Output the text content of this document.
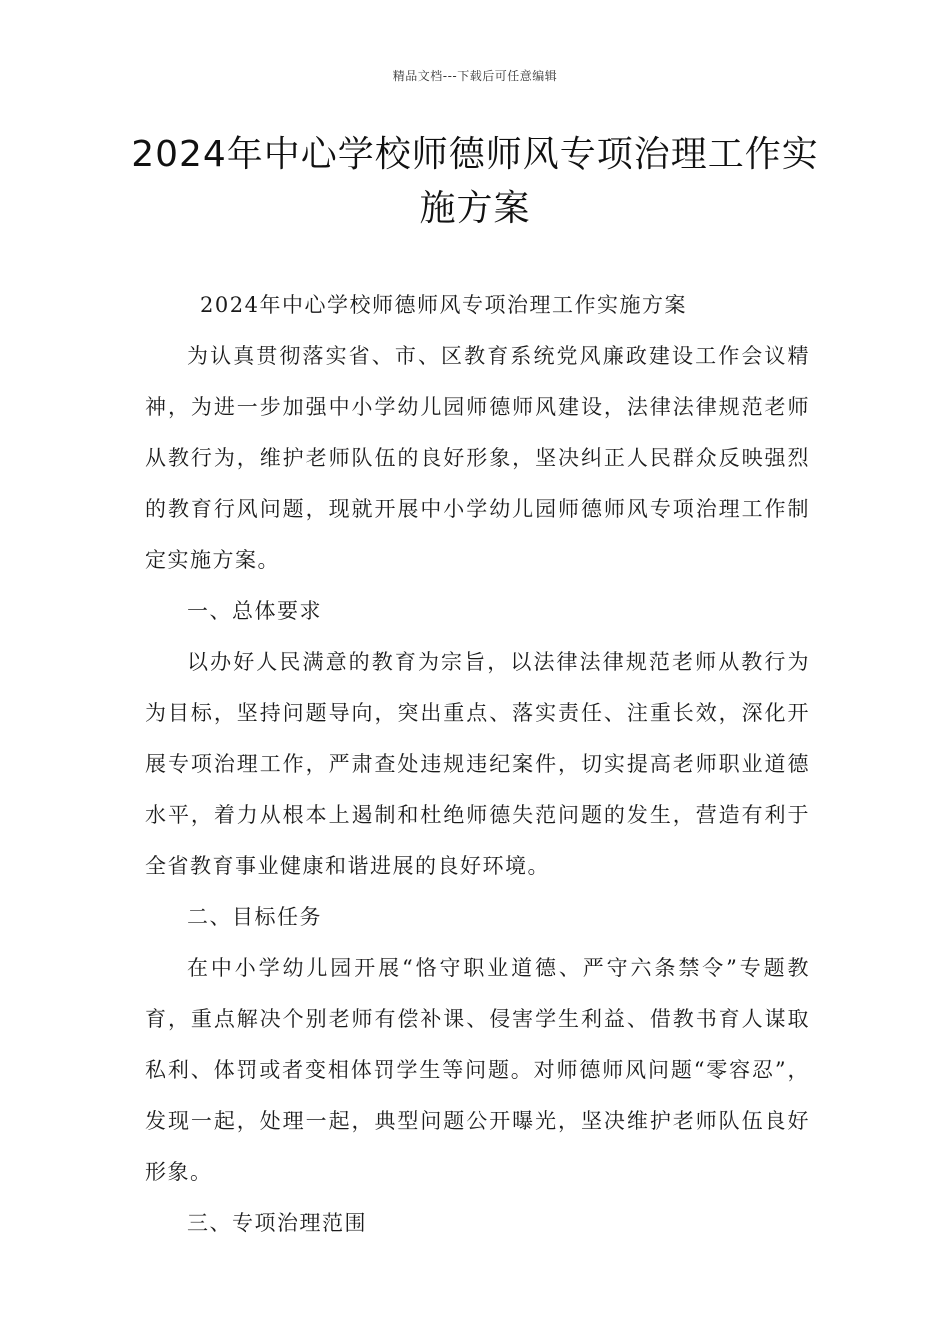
精品文档---下载后可任意编辑
2024年中心学校师德师风专项治理工作实施方案

2024年中心学校师德师风专项治理工作实施方案

为认真贯彻落实省、市、区教育系统党风廉政建设工作会议精神，为进一步加强中小学幼儿园师德师风建设，法律法律规范老师从教行为，维护老师队伍的良好形象，坚决纠正人民群众反映强烈的教育行风问题，现就开展中小学幼儿园师德师风专项治理工作制定实施方案。

一、总体要求

以办好人民满意的教育为宗旨，以法律法律规范老师从教行为为目标，坚持问题导向，突出重点、落实责任、注重长效，深化开展专项治理工作，严肃查处违规违纪案件，切实提高老师职业道德水平，着力从根本上遏制和杜绝师德失范问题的发生，营造有利于全省教育事业健康和谐进展的良好环境。

二、目标任务

在中小学幼儿园开展“恪守职业道德、严守六条禁令”专题教育，重点解决个别老师有偿补课、侵害学生利益、借教书育人谋取私利、体罚或者变相体罚学生等问题。对师德师风问题“零容忍”，发现一起，处理一起，典型问题公开曝光，坚决维护老师队伍良好形象。

三、专项治理范围
